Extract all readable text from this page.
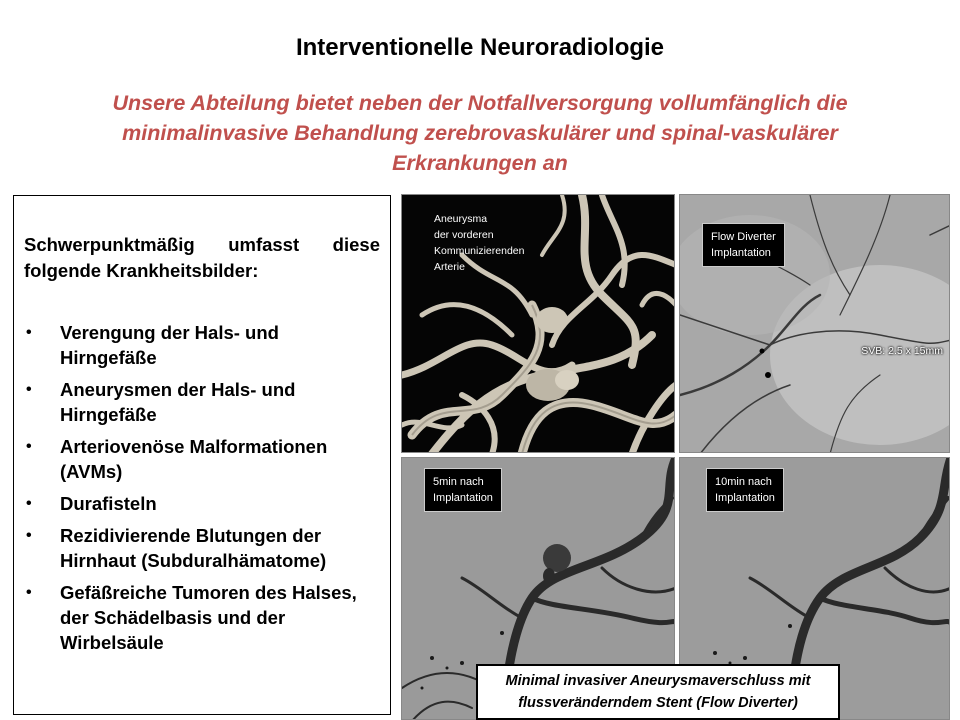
Interventionelle Neuroradiologie
Unsere Abteilung bietet neben der Notfallversorgung vollumfänglich die minimalinvasive Behandlung zerebrovaskulärer und spinal-vaskulärer Erkrankungen an

Schwerpunktmäßig umfasst diese folgende Krankheitsbilder:

• Verengung der Hals- und Hirngefäße
• Aneurysmen der Hals- und Hirngefäße
• Arteriovenöse Malformationen (AVMs)
• Durafisteln
• Rezidivierende Blutungen der Hirnhaut (Subduralhämatome)
• Gefäßreiche Tumoren des Halses, der Schädelbasis und der Wirbelsäule
Aneurysma
der vorderen
Kommunizierenden
Arterie
Flow Diverter
Implantation
SVB: 2.5 x 15mm
5min nach
Implantation
10min nach
Implantation
Minimal invasiver Aneurysmaverschluss mit
flussveränderndem Stent (Flow Diverter)
